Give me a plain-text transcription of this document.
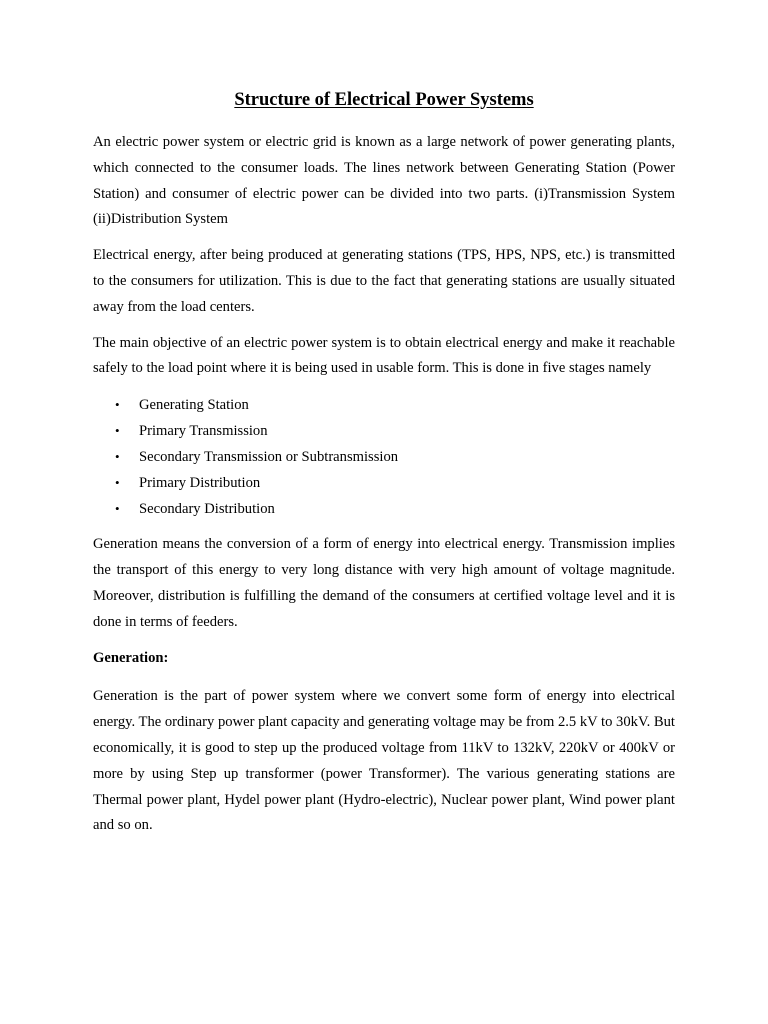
Structure of Electrical Power Systems

An electric power system or electric grid is known as a large network of power generating plants, which connected to the consumer loads. The lines network between Generating Station (Power Station) and consumer of electric power can be divided into two parts. (i)Transmission System (ii)Distribution System

Electrical energy, after being produced at generating stations (TPS, HPS, NPS, etc.) is transmitted to the consumers for utilization. This is due to the fact that generating stations are usually situated away from the load centers.

The main objective of an electric power system is to obtain electrical energy and make it reachable safely to the load point where it is being used in usable form. This is done in five stages namely

• Generating Station
• Primary Transmission
• Secondary Transmission or Subtransmission
• Primary Distribution
• Secondary Distribution

Generation means the conversion of a form of energy into electrical energy. Transmission implies the transport of this energy to very long distance with very high amount of voltage magnitude. Moreover, distribution is fulfilling the demand of the consumers at certified voltage level and it is done in terms of feeders.

Generation:

Generation is the part of power system where we convert some form of energy into electrical energy. The ordinary power plant capacity and generating voltage may be from 2.5 kV to 30kV. But economically, it is good to step up the produced voltage from 11kV to 132kV, 220kV or 400kV or more by using Step up transformer (power Transformer). The various generating stations are Thermal power plant, Hydel power plant (Hydro-electric), Nuclear power plant, Wind power plant and so on.
